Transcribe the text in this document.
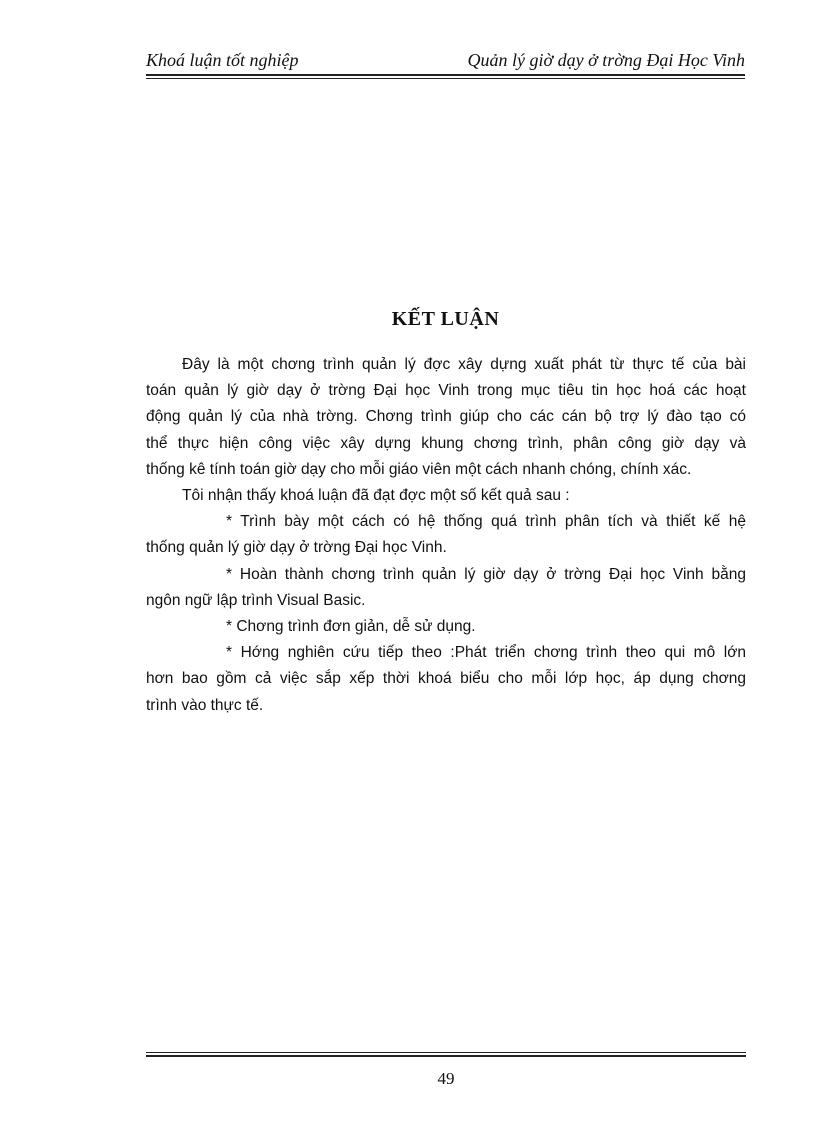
Khoá luận tốt nghiệp	Quản lý giờ dạy ở trờng Đại Học Vinh
KẾT LUẬN
Đây là một chơng trình quản lý đợc xây dựng xuất phát từ thực tế của bài
toán quản lý giờ dạy ở trờng Đại học Vinh trong mục tiêu tin học hoá các hoạt
động quản lý của nhà trờng. Chơng trình giúp cho các cán bộ trợ lý đào tạo có
thể thực hiện công việc xây dựng khung chơng trình, phân công giờ dạy và
thống kê tính toán giờ dạy cho mỗi giáo viên một cách nhanh chóng, chính xác.
Tôi nhận thấy khoá luận đã đạt đợc một số kết quả sau :
* Trình bày một cách có hệ thống quá trình phân tích và thiết kế hệ
thống quản lý giờ dạy ở trờng Đại học Vinh.
* Hoàn thành chơng trình quản lý giờ dạy ở trờng Đại học Vinh bằng
ngôn ngữ lập trình Visual Basic.
* Chơng trình đơn giản, dễ sử dụng.
* Hớng nghiên cứu tiếp theo :Phát triển chơng trình theo qui mô lớn
hơn bao gồm cả việc sắp xếp thời khoá biểu cho mỗi lớp học, áp dụng chơng
trình vào thực tế.
49
